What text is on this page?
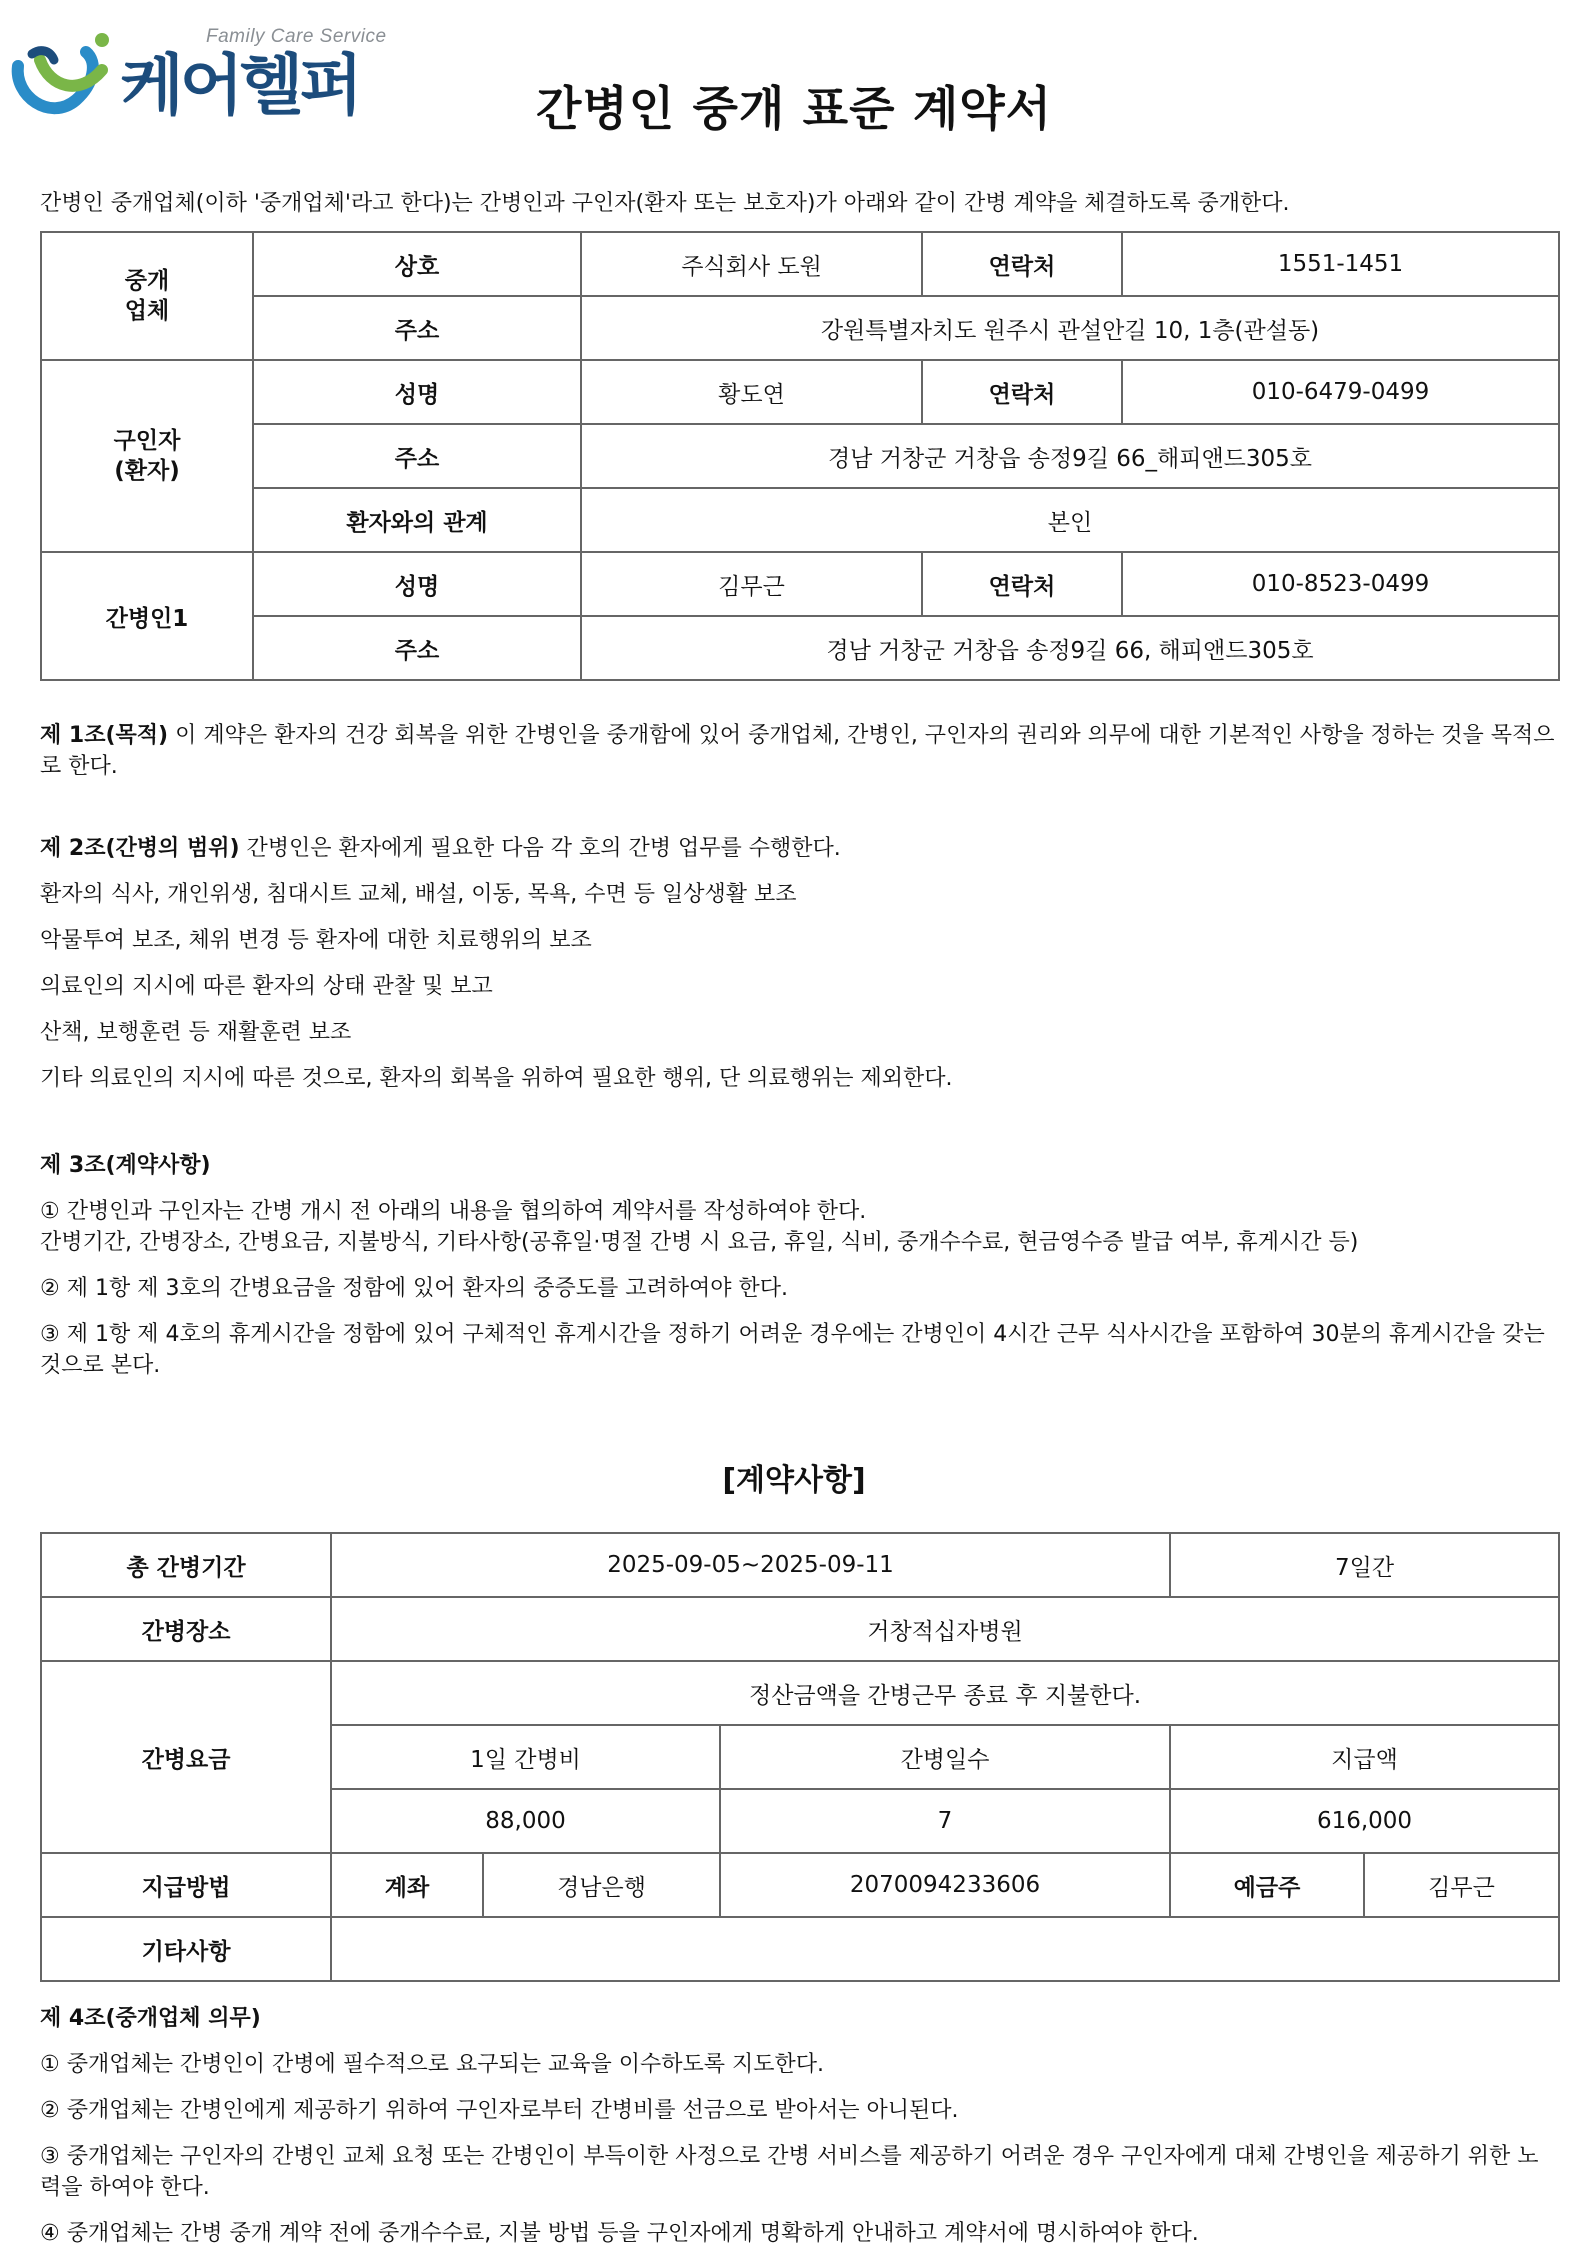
Family Care Service
케어헬퍼	간병인 중개 표준 계약서
간병인 중개업체(이하 '중개업체'라고 한다)는 간병인과 구인자(환자 또는 보호자)가 아래와 같이 간병 계약을 체결하도록 중개한다.
중개
업체	상호	주식회사 도원	연락처	1551-1451
	주소	강원특별자치도 원주시 관설안길 10, 1층(관설동)		
구인자
(환자)	성명	황도연	연락처	010-6479-0499
	주소	경남 거창군 거창읍 송정9길 66_해피앤드305호		
	환자와의 관계	본인		
간병인1	성명	김무근	연락처	010-8523-0499
	주소	경남 거창군 거창읍 송정9길 66, 해피앤드305호		
제 1조(목적) 이 계약은 환자의 건강 회복을 위한 간병인을 중개함에 있어 중개업체, 간병인, 구인자의 권리와 의무에 대한 기본적인 사항을 정하는 것을 목적으로 한다.
제 2조(간병의 범위) 간병인은 환자에게 필요한 다음 각 호의 간병 업무를 수행한다.
환자의 식사, 개인위생, 침대시트 교체, 배설, 이동, 목욕, 수면 등 일상생활 보조
악물투여 보조, 체위 변경 등 환자에 대한 치료행위의 보조
의료인의 지시에 따른 환자의 상태 관찰 및 보고
산책, 보행훈련 등 재활훈련 보조
기타 의료인의 지시에 따른 것으로, 환자의 회복을 위하여 필요한 행위, 단 의료행위는 제외한다.
제 3조(계약사항)
① 간병인과 구인자는 간병 개시 전 아래의 내용을 협의하여 계약서를 작성하여야 한다.
간병기간, 간병장소, 간병요금, 지불방식, 기타사항(공휴일·명절 간병 시 요금, 휴일, 식비, 중개수수료, 현금영수증 발급 여부, 휴게시간 등)
② 제 1항 제 3호의 간병요금을 정함에 있어 환자의 중증도를 고려하여야 한다.
③ 제 1항 제 4호의 휴게시간을 정함에 있어 구체적인 휴게시간을 정하기 어려운 경우에는 간병인이 4시간 근무 식사시간을 포함하여 30분의 휴게시간을 갖는 것으로 본다.
[계약사항]
총 간병기간	2025-09-05~2025-09-11			7일간	
간병장소	거창적십자병원				
간병요금	정산금액을 간병근무 종료 후 지불한다.				
	1일 간병비		간병일수	지급액	
	88,000		7	616,000	
지급방법	계좌	경남은행	2070094233606	예금주	김무근
기타사항					
제 4조(중개업체 의무)
① 중개업체는 간병인이 간병에 필수적으로 요구되는 교육을 이수하도록 지도한다.
② 중개업체는 간병인에게 제공하기 위하여 구인자로부터 간병비를 선금으로 받아서는 아니된다.
③ 중개업체는 구인자의 간병인 교체 요청 또는 간병인이 부득이한 사정으로 간병 서비스를 제공하기 어려운 경우 구인자에게 대체 간병인을 제공하기 위한 노력을 하여야 한다.
④ 중개업체는 간병 중개 계약 전에 중개수수료, 지불 방법 등을 구인자에게 명확하게 안내하고 계약서에 명시하여야 한다.
